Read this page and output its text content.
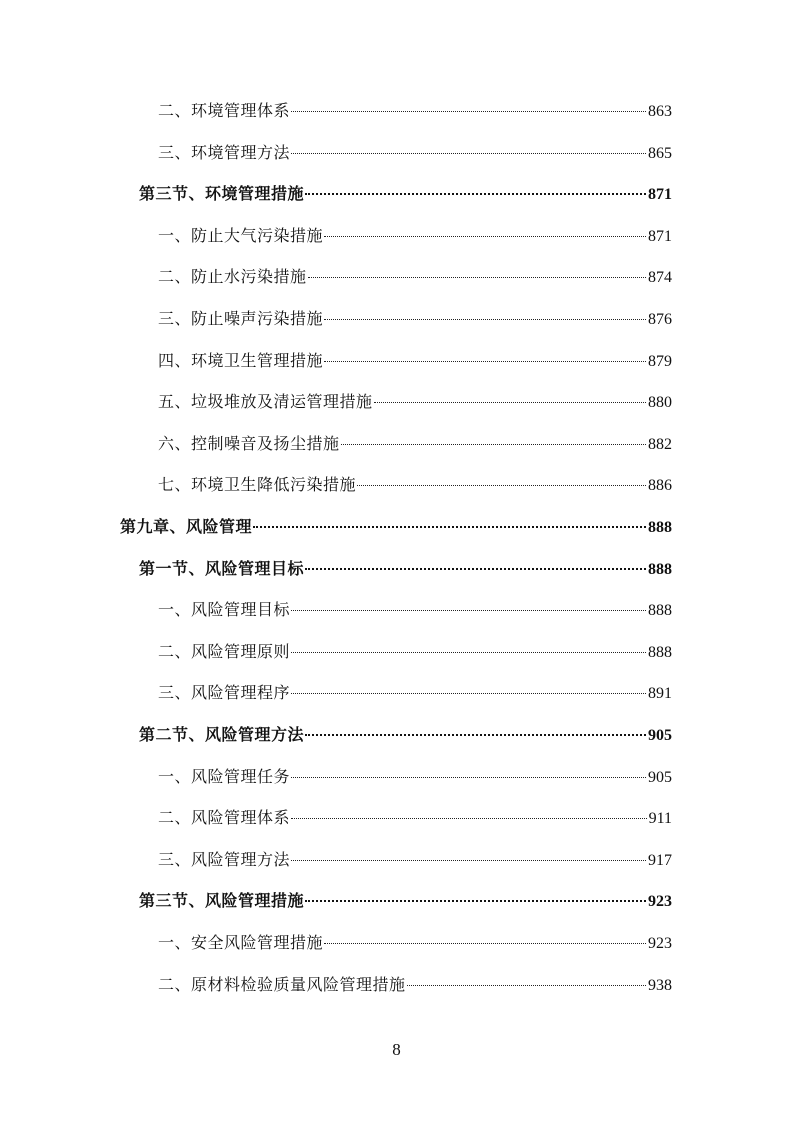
二、环境管理体系	863
三、环境管理方法	865
第三节、环境管理措施	871
一、防止大气污染措施	871
二、防止水污染措施	874
三、防止噪声污染措施	876
四、环境卫生管理措施	879
五、垃圾堆放及清运管理措施	880
六、控制噪音及扬尘措施	882
七、环境卫生降低污染措施	886
第九章、风险管理	888
第一节、风险管理目标	888
一、风险管理目标	888
二、风险管理原则	888
三、风险管理程序	891
第二节、风险管理方法	905
一、风险管理任务	905
二、风险管理体系	911
三、风险管理方法	917
第三节、风险管理措施	923
一、安全风险管理措施	923
二、原材料检验质量风险管理措施	938
8
